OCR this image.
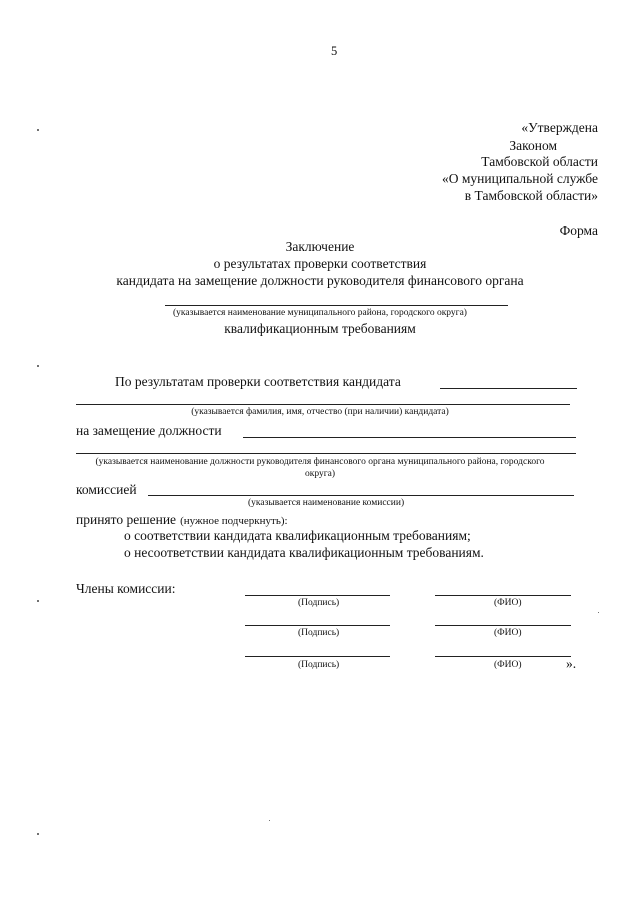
5
«Утверждена
Законом
Тамбовской области
«О муниципальной службе
в Тамбовской области»
Форма
Заключение
о результатах проверки соответствия
кандидата на замещение должности руководителя финансового органа
(указывается наименование муниципального района, городского округа)
квалификационным требованиям
По результатам проверки соответствия кандидата
(указывается фамилия, имя, отчество (при наличии) кандидата)
на замещение должности
(указывается наименование должности руководителя финансового органа муниципального района, городского
округа)
комиссией
(указывается наименование комиссии)
принято решение (нужное подчеркнуть):
о соответствии кандидата квалификационным требованиям;
о несоответствии кандидата квалификационным требованиям.
Члены комиссии:
(Подпись)	(ФИО)
(Подпись)	(ФИО)
(Подпись)	(ФИО)	».
